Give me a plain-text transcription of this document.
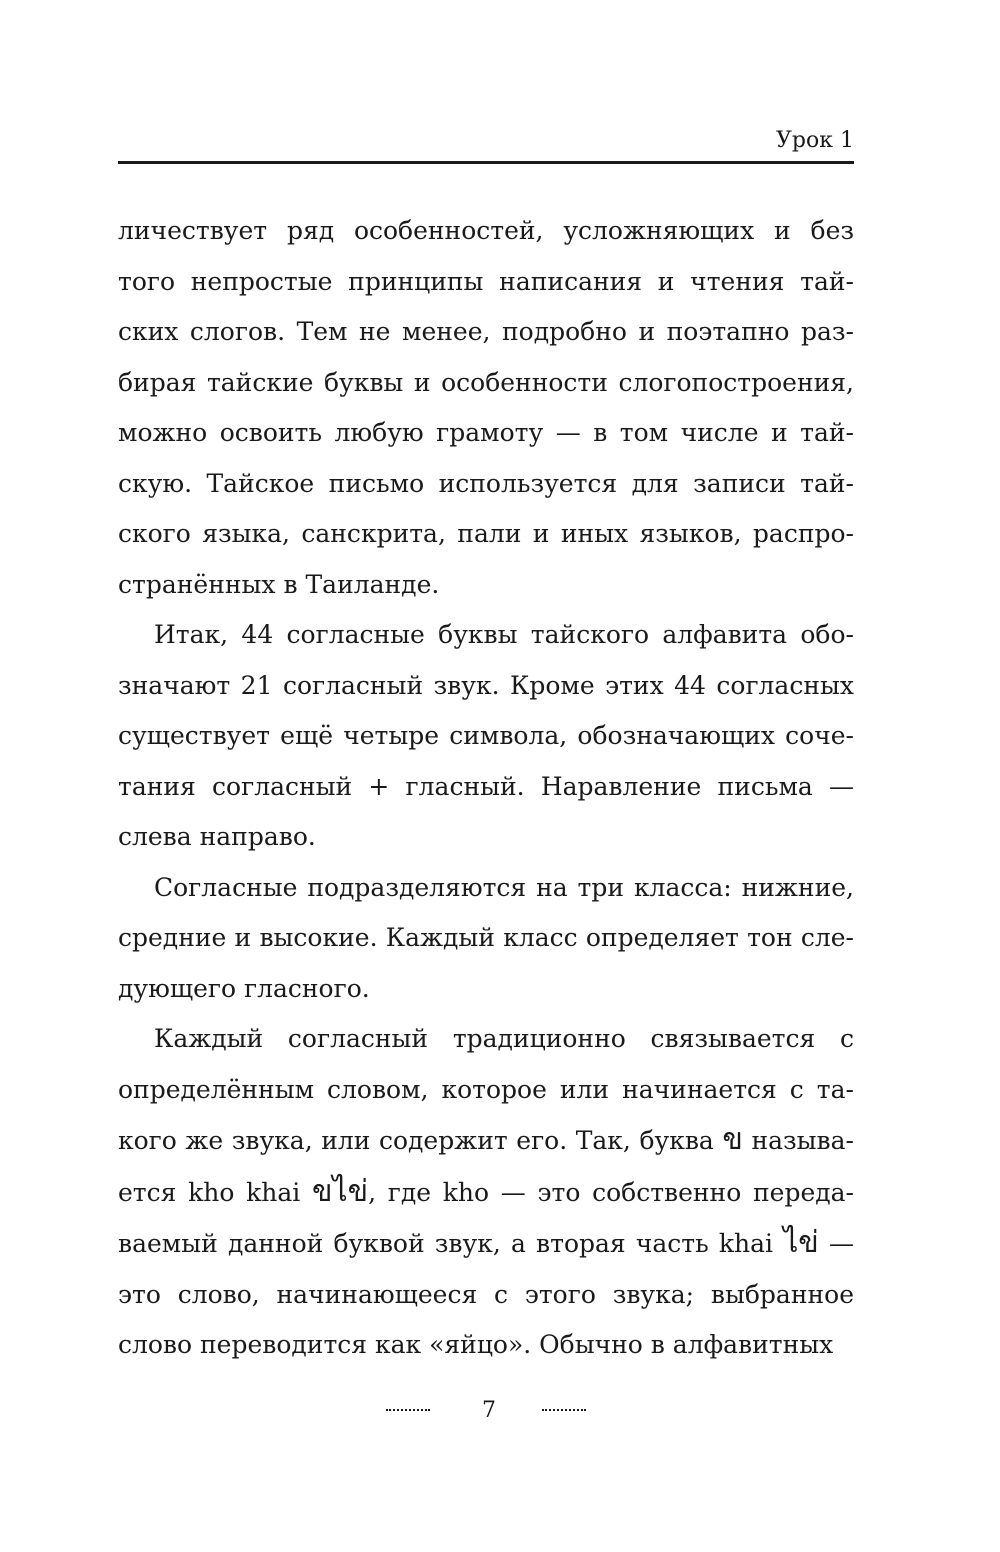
Урок 1

личествует ряд особенностей, усложняющих и без того непростые принципы написания и чтения тайских слогов. Тем не менее, подробно и поэтапно разбирая тайские буквы и особенности слогопостроения, можно освоить любую грамоту — в том числе и тайскую. Тайское письмо используется для записи тайского языка, санскрита, пали и иных языков, распространённых в Таиланде.

Итак, 44 согласные буквы тайского алфавита обозначают 21 согласный звук. Кроме этих 44 согласных существует ещё четыре символа, обозначающих сочетания согласный + гласный. Наравление письма — слева направо.

Согласные подразделяются на три класса: нижние, средние и высокие. Каждый класс определяет тон следующего гласного.

Каждый согласный традиционно связывается с определённым словом, которое или начинается с такого же звука, или содержит его. Так, буква ข называется kho khai ขไข่, где kho — это собственно передаваемый данной буквой звук, а вторая часть khai ไข่ — это слово, начинающееся с этого звука; выбранное слово переводится как «яйцо». Обычно в алфавитных

7
